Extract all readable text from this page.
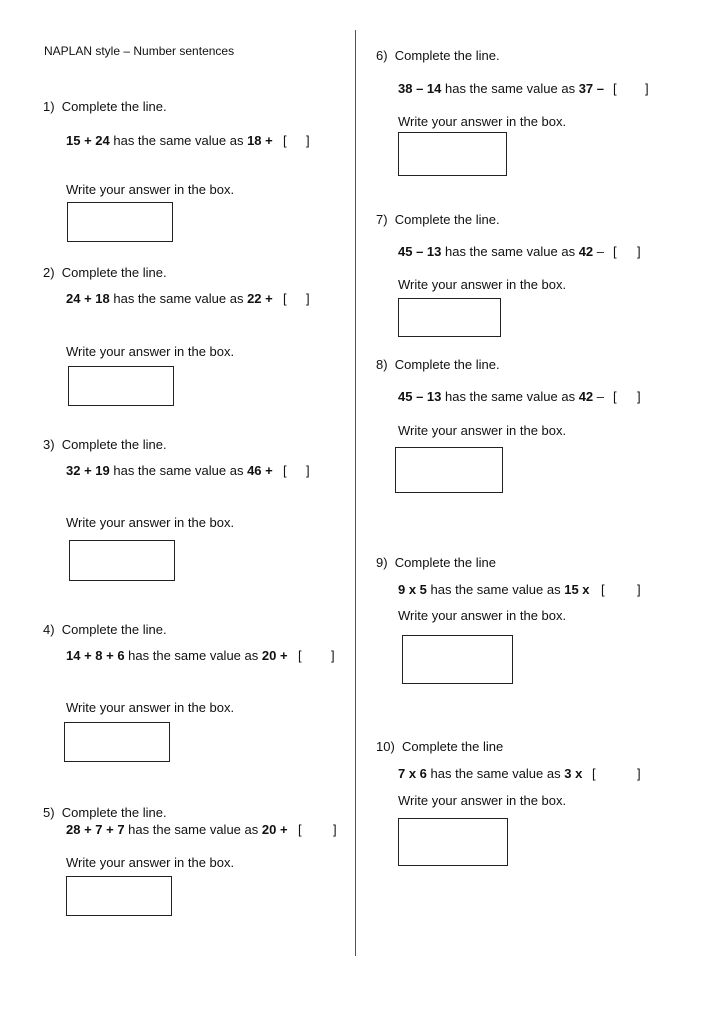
NAPLAN style – Number sentences
1) Complete the line.
15 + 24 has the same value as 18 + [ ]
Write your answer in the box.
2) Complete the line.
24 + 18 has the same value as 22 + [ ]
Write your answer in the box.
3) Complete the line.
32 + 19 has the same value as 46 + [ ]
Write your answer in the box.
4) Complete the line.
14 + 8 + 6 has the same value as 20 + [ ]
Write your answer in the box.
5) Complete the line.
28 + 7 + 7 has the same value as 20 + [ ]
Write your answer in the box.
6) Complete the line.
38 – 14 has the same value as 37 – [ ]
Write your answer in the box.
7) Complete the line.
45 – 13 has the same value as 42 – [ ]
Write your answer in the box.
8) Complete the line.
45 – 13 has the same value as 42 – [ ]
Write your answer in the box.
9) Complete the line
9 x 5 has the same value as 15 x [ ]
Write your answer in the box.
10) Complete the line
7 x 6 has the same value as 3 x [	]
Write your answer in the box.
